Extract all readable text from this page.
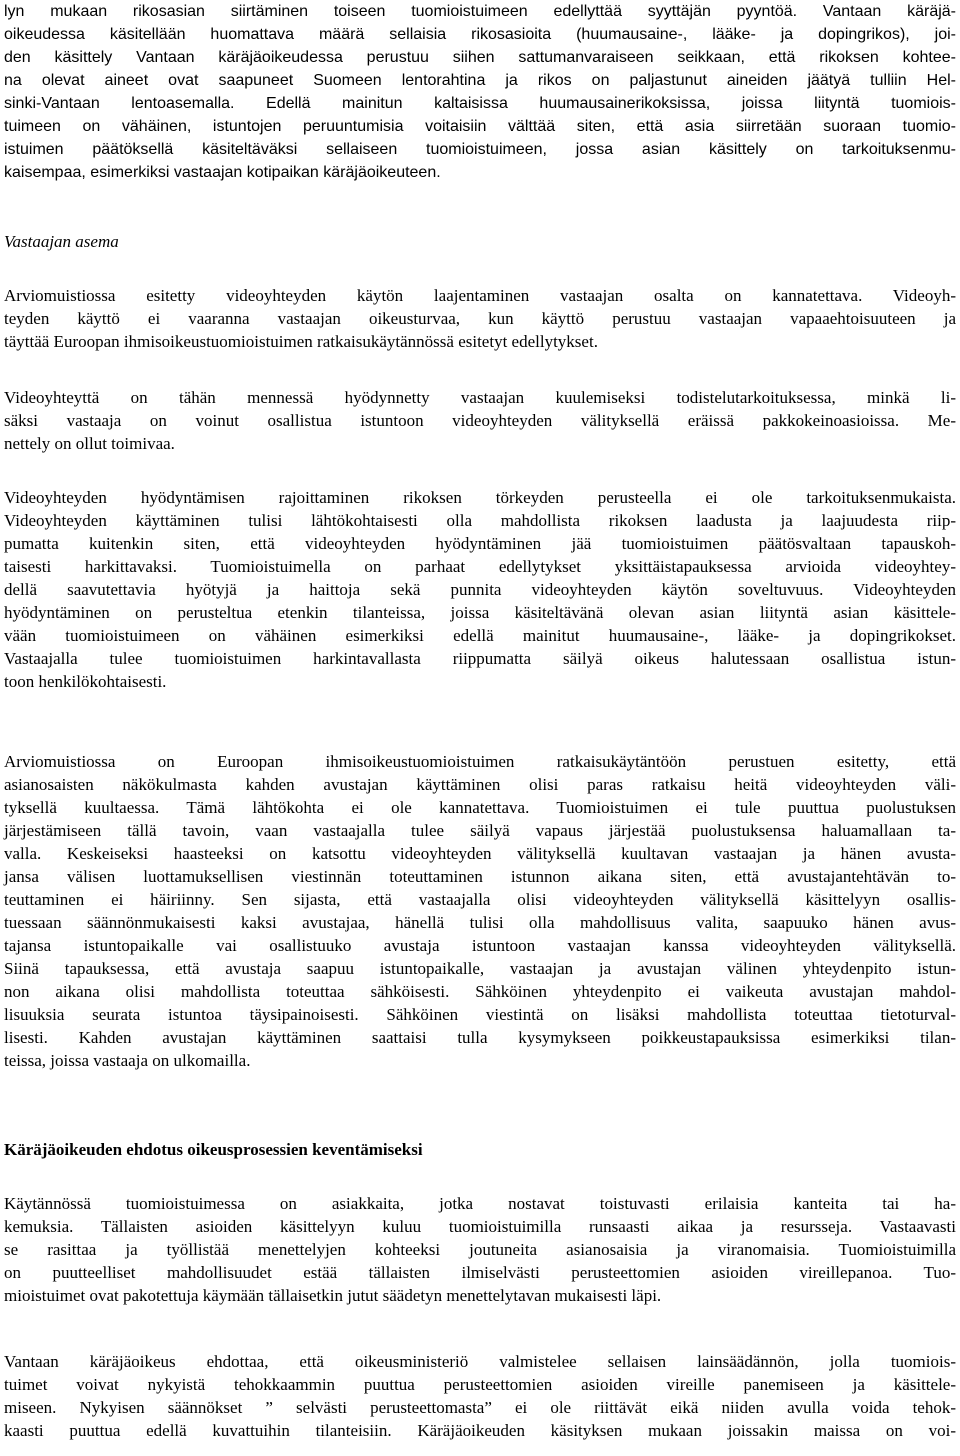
lyn mukaan rikosasian siirtäminen toiseen tuomioistuimeen edellyttää syyttäjän pyyntöä. Vantaan käräjä-
oikeudessa käsitellään huomattava määrä sellaisia rikosasioita (huumausaine-, lääke- ja dopingrikos), joi-
den käsittely Vantaan käräjäoikeudessa perustuu siihen sattumanvaraiseen seikkaan, että rikoksen kohtee-
na olevat aineet ovat saapuneet Suomeen lentorahtina ja rikos on paljastunut aineiden jäätyä tulliin Hel-
sinki-Vantaan lentoasemalla. Edellä mainitun kaltaisissa huumausainerikoksissa, joissa liityntä tuomiois-
tuimeen on vähäinen, istuntojen peruuntumisia voitaisiin välttää siten, että asia siirretään suoraan tuomio-
istuimen päätöksellä käsiteltäväksi sellaiseen tuomioistuimeen, jossa asian käsittely on tarkoituksenmu-
kaisempaa, esimerkiksi vastaajan kotipaikan käräjäoikeuteen.
Vastaajan asema
Arviomuistiossa esitetty videoyhteyden käytön laajentaminen vastaajan osalta on kannatettava. Videoyh-
teyden käyttö ei vaaranna vastaajan oikeusturvaa, kun käyttö perustuu vastaajan vapaaehtoisuuteen ja
täyttää Euroopan ihmisoikeustuomioistuimen ratkaisukäytännössä esitetyt edellytykset.
Videoyhteyttä on tähän mennessä hyödynnetty vastaajan kuulemiseksi todistelutarkoituksessa, minkä li-
säksi vastaaja on voinut osallistua istuntoon videoyhteyden välityksellä eräissä pakkokeinoasioissa. Me-
nettely on ollut toimivaa.
Videoyhteyden hyödyntämisen rajoittaminen rikoksen törkeyden perusteella ei ole tarkoituksenmukaista.
Videoyhteyden käyttäminen tulisi lähtökohtaisesti olla mahdollista rikoksen laadusta ja laajuudesta riip-
pumatta kuitenkin siten, että videoyhteyden hyödyntäminen jää tuomioistuimen päätösvaltaan tapauskoh-
taisesti harkittavaksi. Tuomioistuimella on parhaat edellytykset yksittäistapauksessa arvioida videoyhtey-
dellä saavutettavia hyötyjä ja haittoja sekä punnita videoyhteyden käytön soveltuvuus. Videoyhteyden
hyödyntäminen on perusteltua etenkin tilanteissa, joissa käsiteltävänä olevan asian liityntä asian käsittele-
vään tuomioistuimeen on vähäinen esimerkiksi edellä mainitut huumausaine-, lääke- ja dopingrikokset.
Vastaajalla tulee tuomioistuimen harkintavallasta riippumatta säilyä oikeus halutessaan osallistua istun-
toon henkilökohtaisesti.
Arviomuistiossa on Euroopan ihmisoikeustuomioistuimen ratkaisukäytäntöön perustuen esitetty, että
asianosaisten näkökulmasta kahden avustajan käyttäminen olisi paras ratkaisu heitä videoyhteyden väli-
tyksellä kuultaessa. Tämä lähtökohta ei ole kannatettava. Tuomioistuimen ei tule puuttua puolustuksen
järjestämiseen tällä tavoin, vaan vastaajalla tulee säilyä vapaus järjestää puolustuksensa haluamallaan ta-
valla. Keskeiseksi haasteeksi on katsottu videoyhteyden välityksellä kuultavan vastaajan ja hänen avusta-
jansa välisen luottamuksellisen viestinnän toteuttaminen istunnon aikana siten, että avustajantehtävän to-
teuttaminen ei häiriinny. Sen sijasta, että vastaajalla olisi videoyhteyden välityksellä käsittelyyn osallis-
tuessaan säännönmukaisesti kaksi avustajaa, hänellä tulisi olla mahdollisuus valita, saapuuko hänen avus-
tajansa istuntopaikalle vai osallistuuko avustaja istuntoon vastaajan kanssa videoyhteyden välityksellä.
Siinä tapauksessa, että avustaja saapuu istuntopaikalle, vastaajan ja avustajan välinen yhteydenpito istun-
non aikana olisi mahdollista toteuttaa sähköisesti. Sähköinen yhteydenpito ei vaikeuta avustajan mahdol-
lisuuksia seurata istuntoa täysipainoisesti. Sähköinen viestintä on lisäksi mahdollista toteuttaa tietoturval-
lisesti. Kahden avustajan käyttäminen saattaisi tulla kysymykseen poikkeustapauksissa esimerkiksi tilan-
teissa, joissa vastaaja on ulkomailla.
Käräjäoikeuden ehdotus oikeusprosessien keventämiseksi
Käytännössä tuomioistuimessa on asiakkaita, jotka nostavat toistuvasti erilaisia kanteita tai ha-
kemuksia. Tällaisten asioiden käsittelyyn kuluu tuomioistuimilla runsaasti aikaa ja resursseja. Vastaavasti
se rasittaa ja työllistää menettelyjen kohteeksi joutuneita asianosaisia ja viranomaisia. Tuomioistuimilla
on puutteelliset mahdollisuudet estää tällaisten ilmiselvästi perusteettomien asioiden vireillepanoa. Tuo-
mioistuimet ovat pakotettuja käymään tällaisetkin jutut säädetyn menettelytavan mukaisesti läpi.
Vantaan käräjäoikeus ehdottaa, että oikeusministeriö valmistelee sellaisen lainsäädännön, jolla tuomiois-
tuimet voivat nykyistä tehokkaammin puuttua perusteettomien asioiden vireille panemiseen ja käsittele-
miseen. Nykyisen säännökset ” selvästi perusteettomasta” ei ole riittävät eikä niiden avulla voida tehok-
kaasti puuttua edellä kuvattuihin tilanteisiin. Käräjäoikeuden käsityksen mukaan joissakin maissa on voi-
